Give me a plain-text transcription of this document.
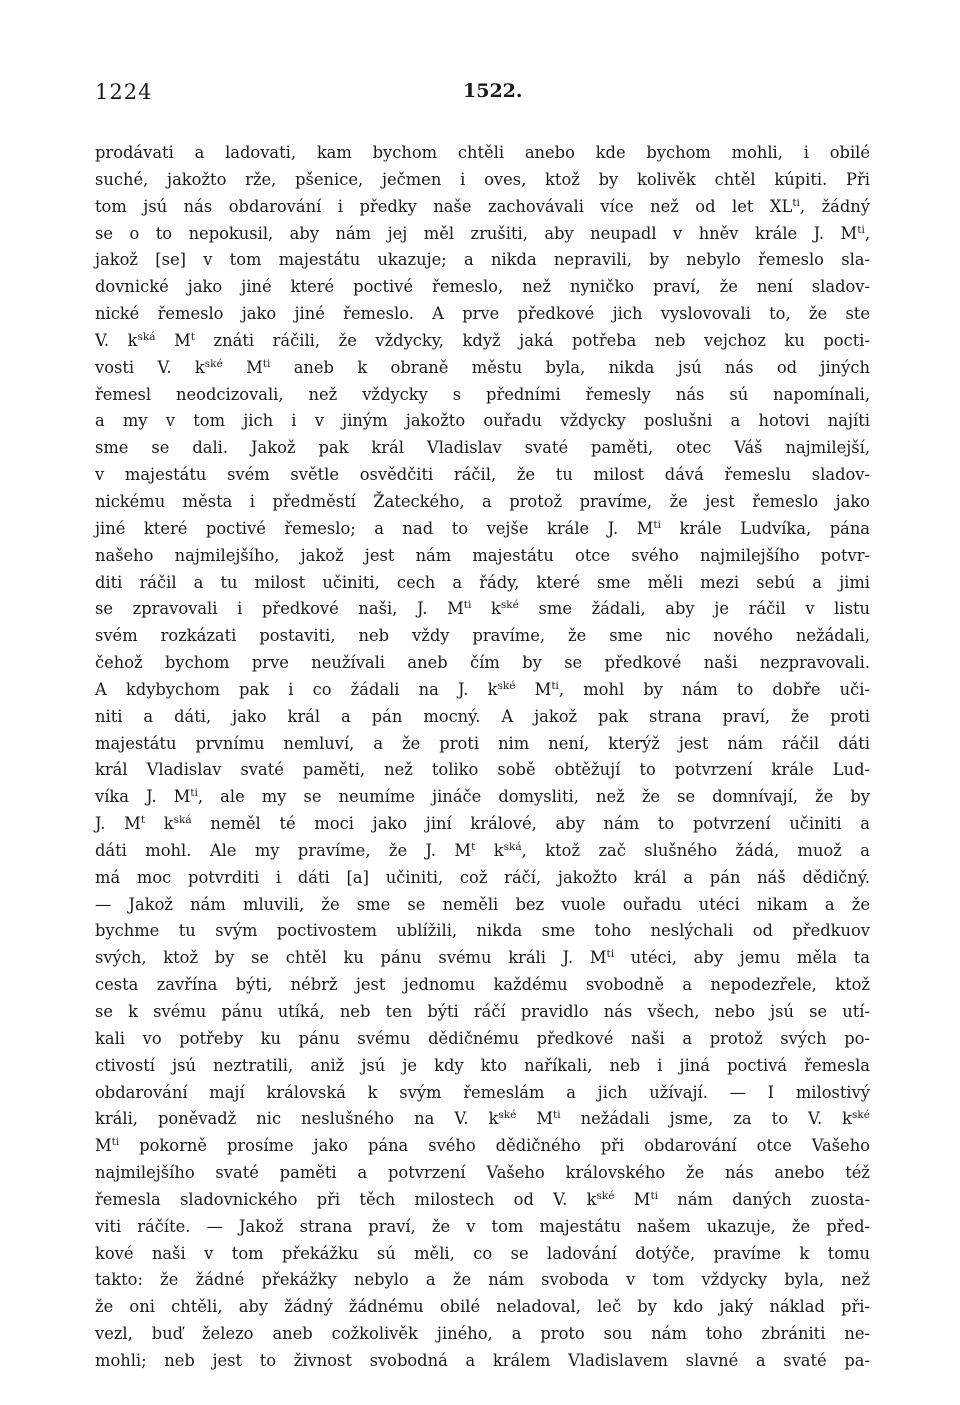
1224	1522.
prodávati a ladovati, kam bychom chtěli anebo kde bychom mohli, i obilé
suché, jakožto rže, pšenice, ječmen i oves, ktož by kolivěk chtěl kúpiti. Při
tom jsú nás obdarování i předky naše zachovávali více než od let $XL^{ti}$, žádný
se o to nepokusil, aby nám jej měl zrušiti, aby neupadl v hněv krále J. $M^{ti}$,
jakož [se] v tom majestátu ukazuje; a nikda nepravili, by nebylo řemeslo sla-
dovnické jako jiné které poctivé řemeslo, než nyničko praví, že není sladov-
nické řemeslo jako jiné řemeslo. A prve předkové jich vyslovovali to, že ste
V. $k^{ská}$ $M^t$ znáti ráčili, že vždycky, když jaká potřeba neb vejchoz ku pocti-
vosti V. $k^{ské}$ $M^{ti}$ aneb k obraně městu byla, nikda jsú nás od jiných
řemesl neodcizovali, než vždycky s předními řemesly nás sú napomínali,
a my v tom jich i v jiným jakožto ouřadu vždycky poslušni a hotovi najíti
sme se dali. Jakož pak král Vladislav svaté paměti, otec Váš najmilejší,
v majestátu svém světle osvědčiti ráčil, že tu milost dává řemeslu sladov-
nickému města i předměstí Žateckého, a protož pravíme, že jest řemeslo jako
jiné které poctivé řemeslo; a nad to vejše krále J. $M^{ti}$ krále Ludvíka, pána
našeho najmilejšího, jakož jest nám majestátu otce svého najmilejšího potvr-
diti ráčil a tu milost učiniti, cech a řády, které sme měli mezi sebú a jimi
se zpravovali i předkové naši, J. $M^{ti}$ $k^{ské}$ sme žádali, aby je ráčil v listu
svém rozkázati postaviti, neb vždy pravíme, že sme nic nového nežádali,
čehož bychom prve neužívali aneb čím by se předkové naši nezpravovali.
A kdybychom pak i co žádali na J. $k^{ské}$ $M^{ti}$, mohl by nám to dobře uči-
niti a dáti, jako král a pán mocný. A jakož pak strana praví, že proti
majestátu prvnímu nemluví, a že proti nim není, kterýž jest nám ráčil dáti
král Vladislav svaté paměti, než toliko sobě obtěžují to potvrzení krále Lud-
víka J. $M^{ti}$, ale my se neumíme jináče domysliti, než že se domnívají, že by
J. $M^t$ $k^{ská}$ neměl té moci jako jiní králové, aby nám to potvrzení učiniti a
dáti mohl. Ale my pravíme, že J. $M^t$ $k^{ská}$, ktož zač slušného žádá, muož a
má moc potvrditi i dáti [a] učiniti, což ráčí, jakožto král a pán náš dědičný.
— Jakož nám mluvili, že sme se neměli bez vuole ouřadu utéci nikam a že
bychme tu svým poctivostem ublížili, nikda sme toho neslýchali od předkuov
svých, ktož by se chtěl ku pánu svému králi J. $M^{ti}$ utéci, aby jemu měla ta
cesta zavřína býti, nébrž jest jednomu každému svobodně a nepodezřele, ktož
se k svému pánu utíká, neb ten býti ráčí pravidlo nás všech, nebo jsú se utí-
kali vo potřeby ku pánu svému dědičnému předkové naši a protož svých po-
ctivostí jsú neztratili, aniž jsú je kdy kto naříkali, neb i jiná poctivá řemesla
obdarování mají královská k svým řemeslám a jich užívají. — I milostivý
králi, poněvadž nic neslušného na V. $k^{ské}$ $M^{ti}$ nežádali jsme, za to V. $k^{ské}$
$M^{ti}$ pokorně prosíme jako pána svého dědičného při obdarování otce Vašeho
najmilejšího svaté paměti a potvrzení Vašeho královského že nás anebo též
řemesla sladovnického při těch milostech od V. $k^{ské}$ $M^{ti}$ nám daných zuosta-
viti ráčíte. — Jakož strana praví, že v tom majestátu našem ukazuje, že před-
kové naši v tom překážku sú měli, co se ladování dotýče, pravíme k tomu
takto: že žádné překážky nebylo a že nám svoboda v tom vždycky byla, než
že oni chtěli, aby žádný žádnému obilé neladoval, leč by kdo jaký náklad při-
vezl, buď železo aneb cožkolivěk jiného, a proto sou nám toho zbrániti ne-
mohli; neb jest to živnost svobodná a králem Vladislavem slavné a svaté pa-
